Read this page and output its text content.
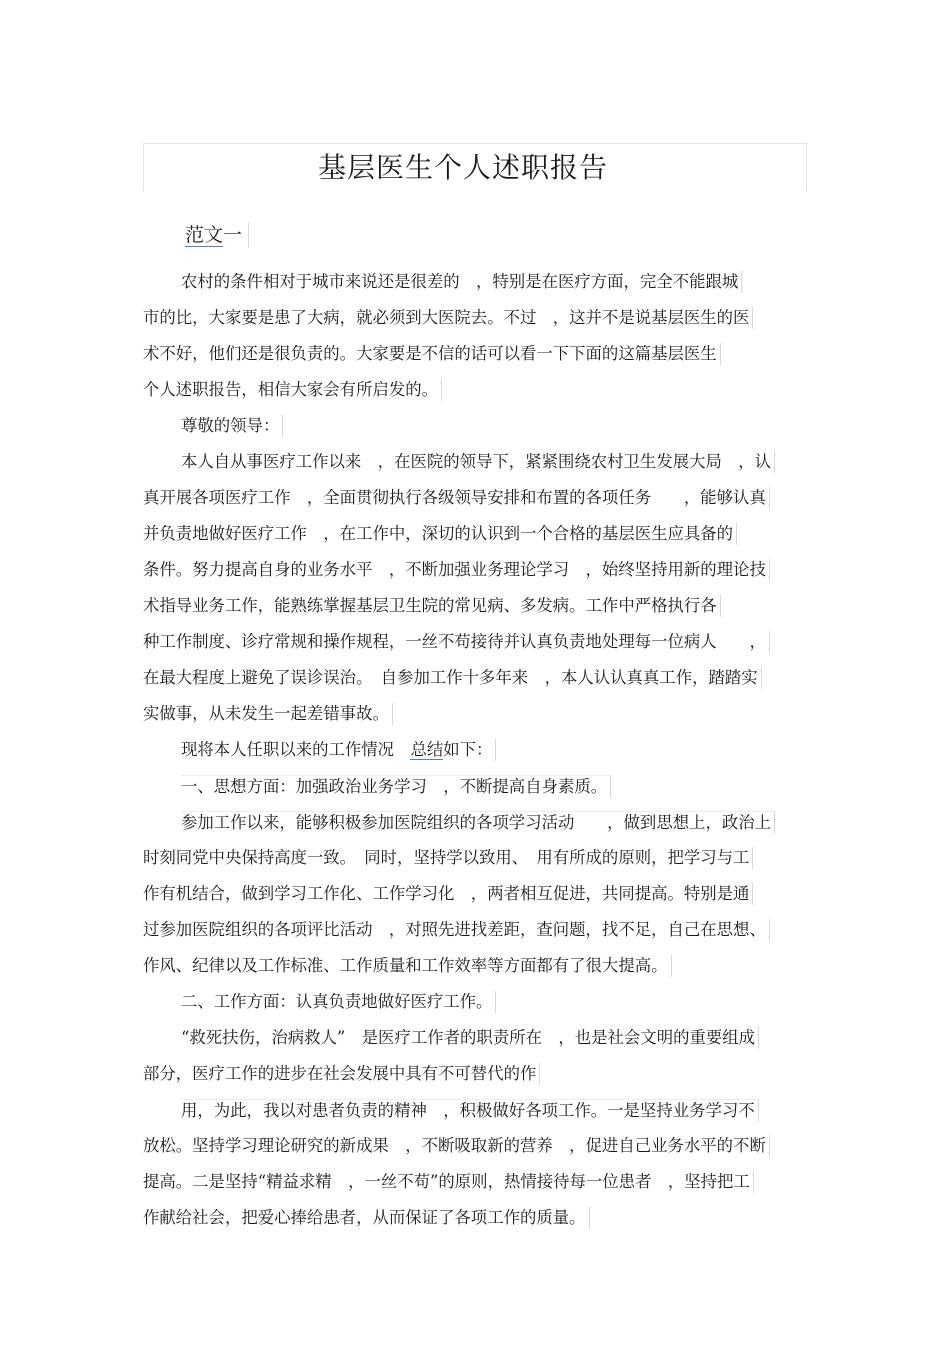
基层医生个人述职报告
范文一
农村的条件相对于城市来说还是很差的　，特别是在医疗方面，完全不能跟城
市的比，大家要是患了大病，就必须到大医院去。不过　，这并不是说基层医生的医
术不好，他们还是很负责的。大家要是不信的话可以看一下下面的这篇基层医生
个人述职报告，相信大家会有所启发的。
尊敬的领导：
本人自从事医疗工作以来　，在医院的领导下，紧紧围绕农村卫生发展大局　，认
真开展各项医疗工作　，全面贯彻执行各级领导安排和布置的各项任务　　，能够认真
并负责地做好医疗工作　，在工作中，深切的认识到一个合格的基层医生应具备的
条件。努力提高自身的业务水平　，不断加强业务理论学习　，始终坚持用新的理论技
术指导业务工作，能熟练掌握基层卫生院的常见病、多发病。工作中严格执行各
种工作制度、诊疗常规和操作规程，一丝不苟接待并认真负责地处理每一位病人　　，
在最大程度上避免了误诊误治。　自参加工作十多年来　，本人认认真真工作，踏踏实
实做事，从未发生一起差错事故。
现将本人任职以来的工作情况　总结如下：
一、思想方面：加强政治业务学习　，不断提高自身素质。
参加工作以来，能够积极参加医院组织的各项学习活动　　，做到思想上，政治上
时刻同党中央保持高度一致。　同时，坚持学以致用、　用有所成的原则，把学习与工
作有机结合，做到学习工作化、工作学习化　，两者相互促进，共同提高。特别是通
过参加医院组织的各项评比活动　，对照先进找差距，查问题，找不足，自己在思想、
作风、纪律以及工作标准、工作质量和工作效率等方面都有了很大提高。
二、工作方面：认真负责地做好医疗工作。
“救死扶伤，治病救人”　是医疗工作者的职责所在　，也是社会文明的重要组成
部分，医疗工作的进步在社会发展中具有不可替代的作
用，为此，我以对患者负责的精神　，积极做好各项工作。一是坚持业务学习不
放松。坚持学习理论研究的新成果　，不断吸取新的营养　，促进自己业务水平的不断
提高。二是坚持“精益求精　，一丝不苟”的原则，热情接待每一位患者　，坚持把工
作献给社会，把爱心捧给患者，从而保证了各项工作的质量。
